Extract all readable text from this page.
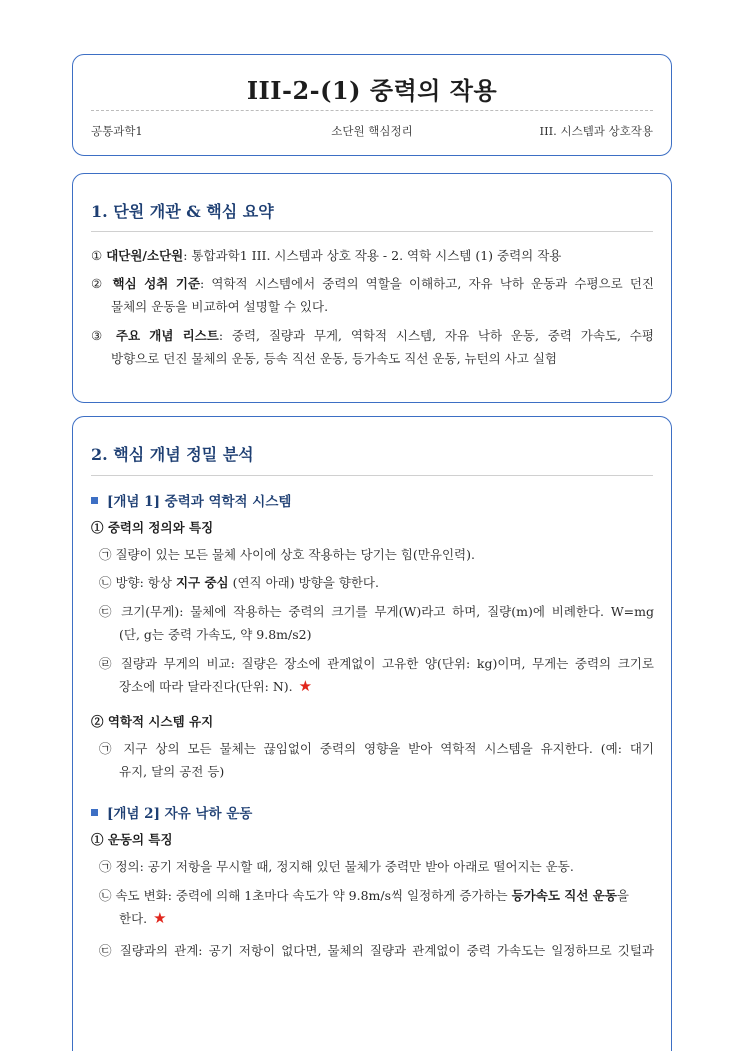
III-2-(1) 중력의 작용
공통과학1	소단원 핵심정리	III. 시스템과 상호작용
1. 단원 개관 & 핵심 요약
① 대단원/소단원: 통합과학1 III. 시스템과 상호 작용 - 2. 역학 시스템 (1) 중력의 작용
② 핵심 성취 기준: 역학적 시스템에서 중력의 역할을 이해하고, 자유 낙하 운동과 수평으로 던진
물체의 운동을 비교하여 설명할 수 있다.
③ 주요 개념 리스트: 중력, 질량과 무게, 역학적 시스템, 자유 낙하 운동, 중력 가속도, 수평
방향으로 던진 물체의 운동, 등속 직선 운동, 등가속도 직선 운동, 뉴턴의 사고 실험
2. 핵심 개념 정밀 분석
[개념 1] 중력과 역학적 시스템
① 중력의 정의와 특징
㉠ 질량이 있는 모든 물체 사이에 상호 작용하는 당기는 힘(만유인력).
㉡ 방향: 항상 지구 중심 (연직 아래) 방향을 향한다.
㉢ 크기(무게): 물체에 작용하는 중력의 크기를 무게(W)라고 하며, 질량(m)에 비례한다. W=mg
(단, g는 중력 가속도, 약 9.8m/s2)
㉣ 질량과 무게의 비교: 질량은 장소에 관계없이 고유한 양(단위: kg)이며, 무게는 중력의 크기로
장소에 따라 달라진다(단위: N). ★
② 역학적 시스템 유지
㉠ 지구 상의 모든 물체는 끊임없이 중력의 영향을 받아 역학적 시스템을 유지한다. (예: 대기
유지, 달의 공전 등)
[개념 2] 자유 낙하 운동
① 운동의 특징
㉠ 정의: 공기 저항을 무시할 때, 정지해 있던 물체가 중력만 받아 아래로 떨어지는 운동.
㉡ 속도 변화: 중력에 의해 1초마다 속도가 약 9.8m/s씩 일정하게 증가하는 등가속도 직선 운동을
한다. ★
㉢ 질량과의 관계: 공기 저항이 없다면, 물체의 질량과 관계없이 중력 가속도는 일정하므로 깃털과
